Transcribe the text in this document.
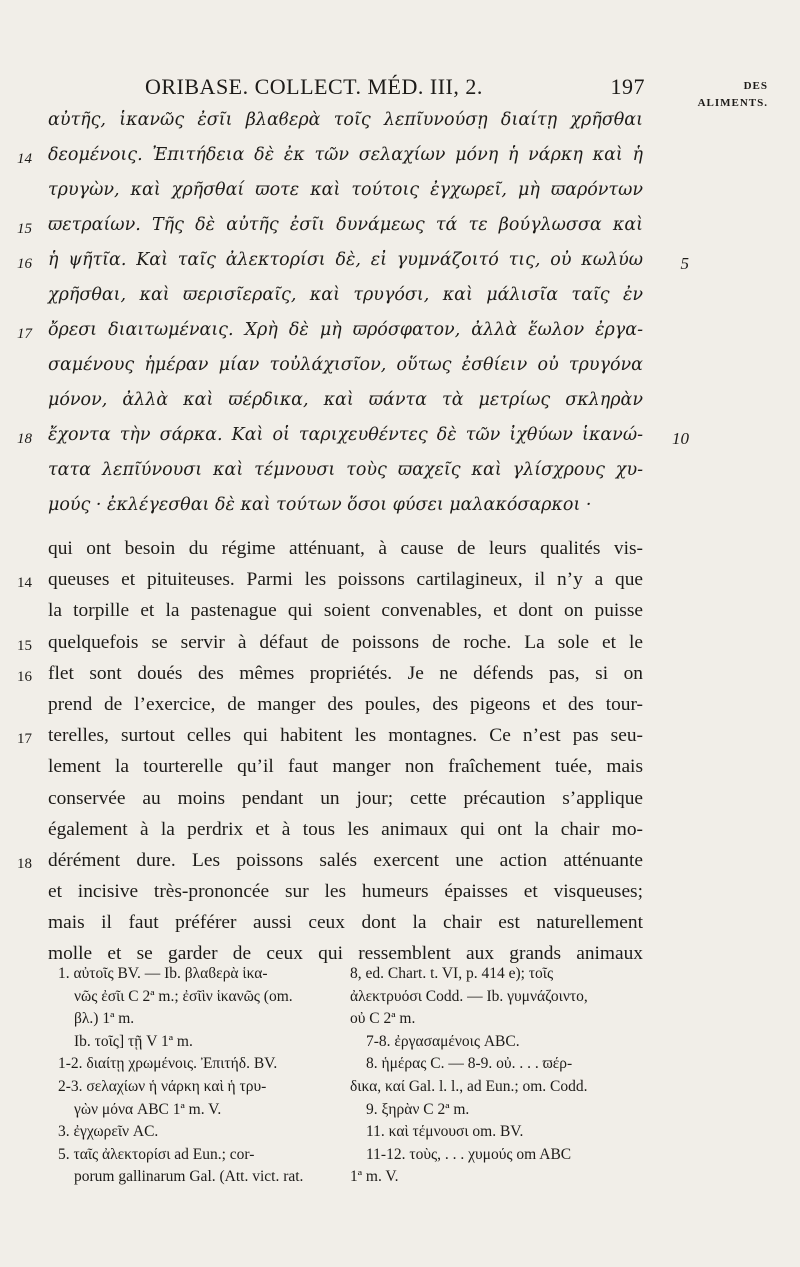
ORIBASE. COLLECT. MÉD. III, 2.	197	DES
ALIMENTS.
αὐτῆς, ἱκανῶς ἐσῖι βλαϐερὰ τοῖς λεπῖυνούσῃ διαίτῃ χρῆσθαι
14 δεομένοις. Ἐπιτήδεια δὲ ἐκ τῶν σελαχίων μόνη ἡ νάρκη καὶ ἡ
τρυγὼν, καὶ χρῆσθαί ϖοτε καὶ τούτοις ἐγχωρεῖ, μὴ ϖαρόντων
15 ϖετραίων. Τῆς δὲ αὐτῆς ἐσῖι δυνάμεως τά τε βούγλωσσα καὶ
16	5
ἡ ψῆτῖα. Καὶ ταῖς ἀλεκτορίσι δὲ, εἰ γυμνάζοιτό τις, οὐ κωλύω
χρῆσθαι, καὶ ϖερισῖεραῖς, καὶ τρυγόσι, καὶ μάλισῖα ταῖς ἐν
17 ὄρεσι διαιτωμέναις. Χρὴ δὲ μὴ ϖρόσφατον, ἀλλὰ ἕωλον ἐργα-
σαμένους ἡμέραν μίαν τοὐλάχισῖον, οὕτως ἐσθίειν οὐ τρυγόνα
μόνον, ἀλλὰ καὶ ϖέρδικα, καὶ ϖάντα τὰ μετρίως σκληρὰν
18	10
ἔχοντα τὴν σάρκα. Καὶ οἱ ταριχευθέντες δὲ τῶν ἰχθύων ἱκανώ-
τατα λεπῖύνουσι καὶ τέμνουσι τοὺς ϖαχεῖς καὶ γλίσχρους χυ-
μούς · ἐκλέγεσθαι δὲ καὶ τούτων ὅσοι φύσει μαλακόσαρκοι ·
qui ont besoin du régime atténuant, à cause de leurs qualités vis-
14 queuses et pituiteuses. Parmi les poissons cartilagineux, il n’y a que
la torpille et la pastenague qui soient convenables, et dont on puisse
15 quelquefois se servir à défaut de poissons de roche. La sole et le
16 flet sont doués des mêmes propriétés. Je ne défends pas, si on
prend de l’exercice, de manger des poules, des pigeons et des tour-
17 terelles, surtout celles qui habitent les montagnes. Ce n’est pas seu-
lement la tourterelle qu’il faut manger non fraîchement tuée, mais
conservée au moins pendant un jour; cette précaution s’applique
également à la perdrix et à tous les animaux qui ont la chair mo-
18 dérément dure. Les poissons salés exercent une action atténuante
et incisive très-prononcée sur les humeurs épaisses et visqueuses;
mais il faut préférer aussi ceux dont la chair est naturellement
molle et se garder de ceux qui ressemblent aux grands animaux
1. αὐτοῖς BV. — Ib. βλαϐερὰ ἱκα-
νῶς ἐσῖι C 2ª m.; ἐσῖὶν ἱκανῶς (om.
βλ.) 1ª m.
Ib. τοῖς] τῇ V 1ª m.
1-2. διαίτῃ χρωμένοις. Ἐπιτήδ. BV.
2-3. σελαχίων ἡ νάρκη καὶ ἡ τρυ-
γὼν μόνα ABC 1ª m. V.
3. ἐγχωρεῖν AC.
5. ταῖς ἀλεκτορίσι ad Eun.; cor-
porum gallinarum Gal. (Att. vict. rat.
8, ed. Chart. t. VI, p. 414 e); τοῖς
ἀλεκτρυόσι Codd. — Ib. γυμνάζοιντο,
οὐ C 2ª m.
7-8. ἐργασαμένοις ABC.
8. ἡμέρας C. — 8-9. οὐ. . . . ϖέρ-
δικα, καί Gal. l. l., ad Eun.; om. Codd.
9. ξηρὰν C 2ª m.
11. καὶ τέμνουσι om. BV.
11-12. τοὺς, . . . χυμούς om ABC
1ª m. V.
